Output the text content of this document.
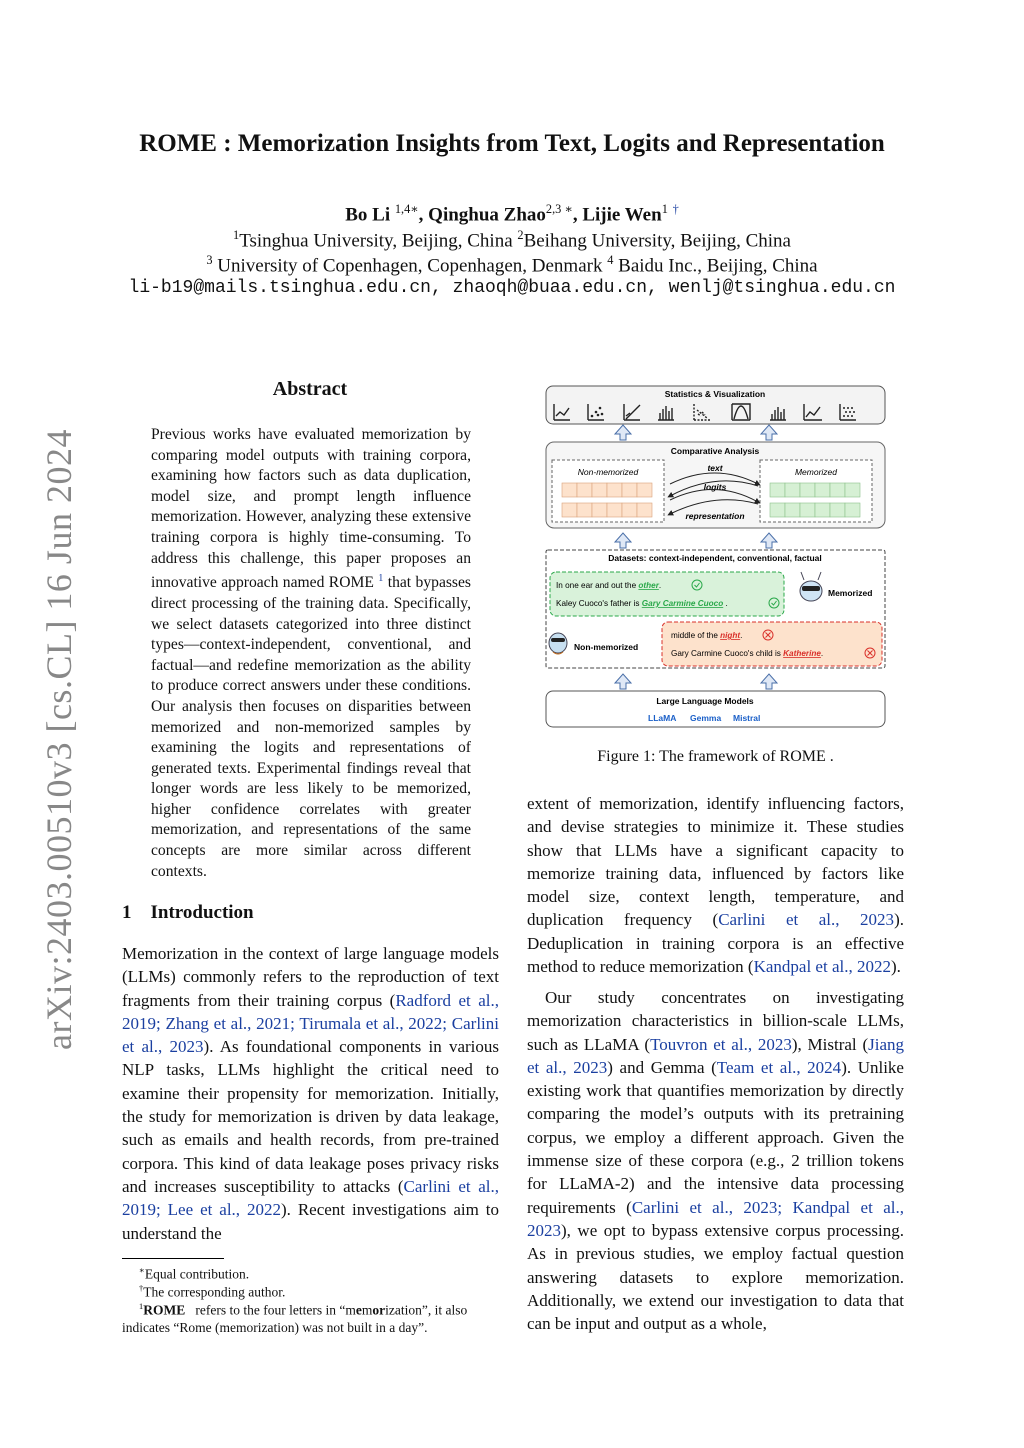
arXiv:2403.00510v3 [cs.CL] 16 Jun 2024
ROME : Memorization Insights from Text, Logits and Representation
Bo Li $^{1,4∗}$, Qinghua Zhao$^{2,3 ∗}$, Lijie Wen$^1$ †
$^1$Tsinghua University, Beijing, China $^2$Beihang University, Beijing, China
$^3$ University of Copenhagen, Copenhagen, Denmark $^4$ Baidu Inc., Beijing, China
li-b19@mails.tsinghua.edu.cn, zhaoqh@buaa.edu.cn, wenlj@tsinghua.edu.cn
Abstract
Previous works have evaluated memorization by comparing model outputs with training corpora, examining how factors such as data duplication, model size, and prompt length influence memorization. However, analyzing these extensive training corpora is highly time-consuming. To address this challenge, this paper proposes an innovative approach named ROME $^1$ that bypasses direct processing of the training data. Specifically, we select datasets categorized into three distinct types—context-independent, conventional, and factual—and redefine memorization as the ability to produce correct answers under these conditions. Our analysis then focuses on disparities between memorized and non-memorized samples by examining the logits and representations of generated texts. Experimental findings reveal that longer words are less likely to be memorized, higher confidence correlates with greater memorization, and representations of the same concepts are more similar across different contexts.
1    Introduction
Memorization in the context of large language models (LLMs) commonly refers to the reproduction of text fragments from their training corpus (Radford et al., 2019; Zhang et al., 2021; Tirumala et al., 2022; Carlini et al., 2023). As foundational components in various NLP tasks, LLMs highlight the critical need to examine their propensity for memorization. Initially, the study for memorization is driven by data leakage, such as emails and health records, from pre-trained corpora. This kind of data leakage poses privacy risks and increases susceptibility to attacks (Carlini et al., 2019; Lee et al., 2022). Recent investigations aim to understand the
∗Equal contribution.
†The corresponding author.
$^1$ROME   refers to the four letters in “memorization”, it also indicates “Rome (memorization) was not built in a day”.
Statistics & Visualization
Comparative Analysis
Non-memorized	Memorized
text
logits
representation
Datasets: context-independent, conventional, factual
In one ear and out the other.
Kaley Cuoco's father is Gary Carmine Cuoco .
Memorized
Non-memorized
middle of the night.
Gary Carmine Cuoco's child is Katherine.
Large Language Models
LLaMA Gemma Mistral
Figure 1: The framework of ROME .
extent of memorization, identify influencing factors, and devise strategies to minimize it. These studies show that LLMs have a significant capacity to memorize training data, influenced by factors like model size, context length, temperature, and duplication frequency (Carlini et al., 2023). Deduplication in training corpora is an effective method to reduce memorization (Kandpal et al., 2022).
Our study concentrates on investigating memorization characteristics in billion-scale LLMs, such as LLaMA (Touvron et al., 2023), Mistral (Jiang et al., 2023) and Gemma (Team et al., 2024). Unlike existing work that quantifies memorization by directly comparing the model’s outputs with its pretraining corpus, we employ a different approach. Given the immense size of these corpora (e.g., 2 trillion tokens for LLaMA-2) and the intensive data processing requirements (Carlini et al., 2023; Kandpal et al., 2023), we opt to bypass extensive corpus processing. As in previous studies, we employ factual question answering datasets to explore memorization. Additionally, we extend our investigation to data that can be input and output as a whole,
